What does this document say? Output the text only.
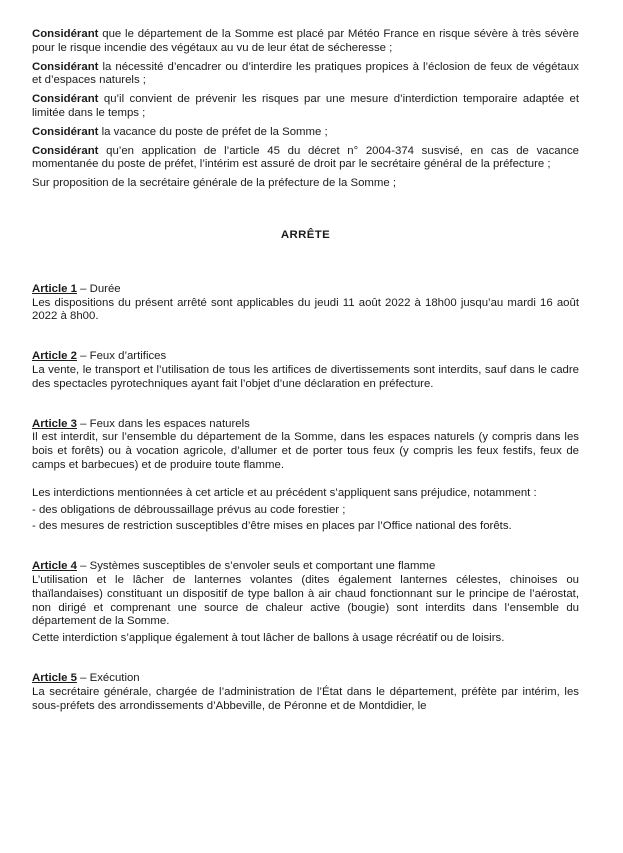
Considérant que le département de la Somme est placé par Météo France en risque sévère à très sévère pour le risque incendie des végétaux au vu de leur état de sécheresse ;

Considérant la nécessité d’encadrer ou d’interdire les pratiques propices à l’éclosion de feux de végétaux et d’espaces naturels ;

Considérant qu’il convient de prévenir les risques par une mesure d’interdiction temporaire adaptée et limitée dans le temps ;

Considérant la vacance du poste de préfet de la Somme ;

Considérant qu’en application de l’article 45 du décret n° 2004-374 susvisé, en cas de vacance momentanée du poste de préfet, l’intérim est assuré de droit par le secrétaire général de la préfecture ;

Sur proposition de la secrétaire générale de la préfecture de la Somme ;

ARRÊTE

Article 1 – Durée

Les dispositions du présent arrêté sont applicables du jeudi 11 août 2022 à 18h00 jusqu’au mardi 16 août 2022 à 8h00.

Article 2 – Feux d’artifices

La vente, le transport et l’utilisation de tous les artifices de divertissements sont interdits, sauf dans le cadre des spectacles pyrotechniques ayant fait l’objet d’une déclaration en préfecture.

Article 3 – Feux dans les espaces naturels

Il est interdit, sur l’ensemble du département de la Somme, dans les espaces naturels (y compris dans les bois et forêts) ou à vocation agricole, d’allumer et de porter tous feux (y compris les feux festifs, feux de camps et barbecues) et de produire toute flamme.

Les interdictions mentionnées à cet article et au précédent s’appliquent sans préjudice, notamment :

- des obligations de débroussaillage prévus au code forestier ;

- des mesures de restriction susceptibles d’être mises en places par l’Office national des forêts.

Article 4 – Systèmes susceptibles de s’envoler seuls et comportant une flamme

L’utilisation et le lâcher de lanternes volantes (dites également lanternes célestes, chinoises ou thaïlandaises) constituant un dispositif de type ballon à air chaud fonctionnant sur le principe de l’aérostat, non dirigé et comprenant une source de chaleur active (bougie) sont interdits dans l’ensemble du département de la Somme.

Cette interdiction s’applique également à tout lâcher de ballons à usage récréatif ou de loisirs.

Article 5 – Exécution

La secrétaire générale, chargée de l’administration de l’État dans le département, préfète par intérim, les sous-préfets des arrondissements d’Abbeville, de Péronne et de Montdidier, le
